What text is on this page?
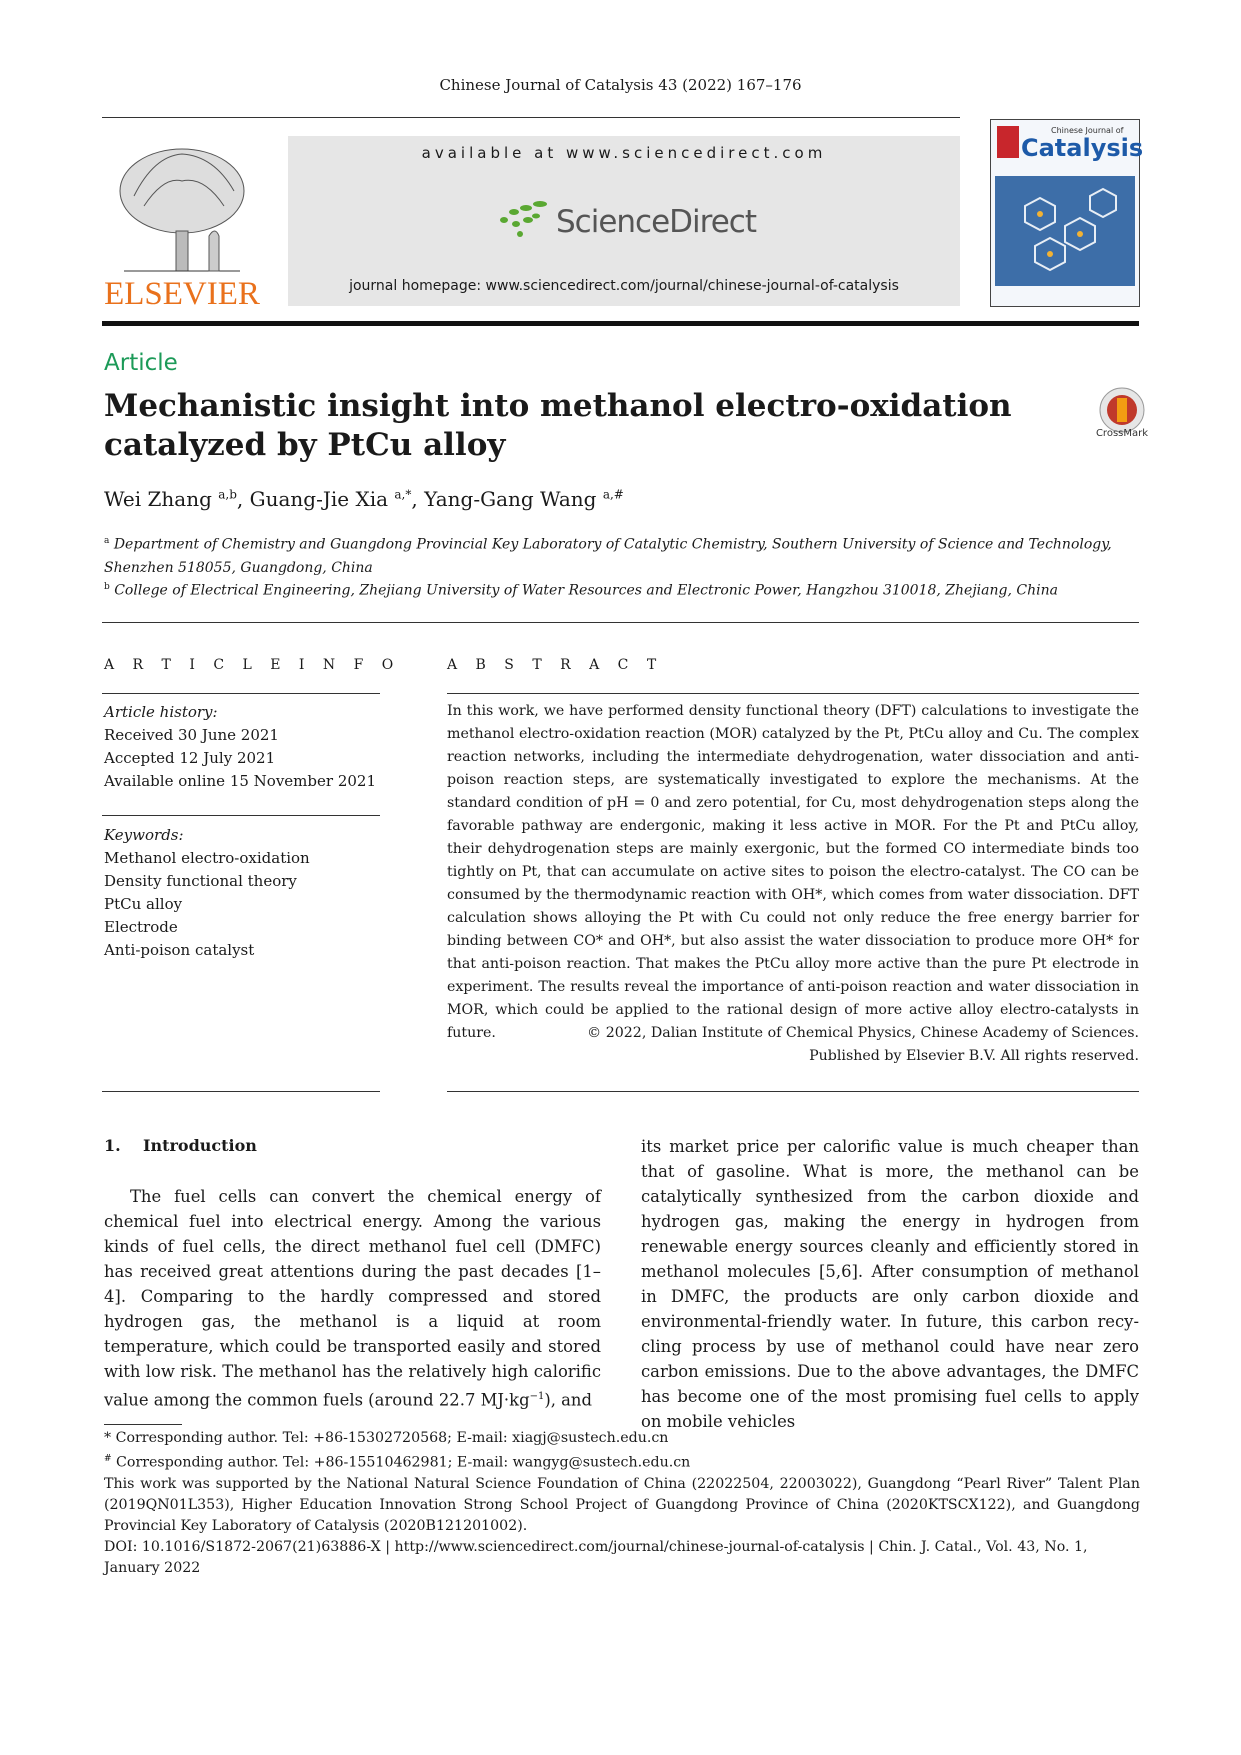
Chinese Journal of Catalysis 43 (2022) 167–176
ELSEVIER
available at www.sciencedirect.com
ScienceDirect
journal homepage: www.sciencedirect.com/journal/chinese-journal-of-catalysis
Chinese Journal of
Catalysis
Article
Mechanistic insight into methanol electro-oxidation catalyzed by PtCu alloy	CrossMark
Wei Zhang $^{a,b}$, Guang-Jie Xia $^{a,*}$, Yang-Gang Wang $^{a,\#}$
$^a$ Department of Chemistry and Guangdong Provincial Key Laboratory of Catalytic Chemistry, Southern University of Science and Technology, Shenzhen 518055, Guangdong, China
$^b$ College of Electrical Engineering, Zhejiang University of Water Resources and Electronic Power, Hangzhou 310018, Zhejiang, China
A R T I C L E I N F O
Article history:
Received 30 June 2021
Accepted 12 July 2021
Available online 15 November 2021
Keywords:
Methanol electro-oxidation
Density functional theory
PtCu alloy
Electrode
Anti-poison catalyst
A B S T R A C T
In this work, we have performed density functional theory (DFT) calculations to investigate the methanol electro-oxidation reaction (MOR) catalyzed by the Pt, PtCu alloy and Cu. The complex reaction networks, including the intermediate dehydrogenation, water dissociation and anti-poison reaction steps, are systematically investigated to explore the mechanisms. At the standard condition of pH = 0 and zero potential, for Cu, most dehydrogenation steps along the favorable pathway are endergonic, making it less active in MOR. For the Pt and PtCu alloy, their dehydrogenation steps are mainly exergonic, but the formed CO intermediate binds too tightly on Pt, that can accumulate on active sites to poison the electro-catalyst. The CO can be consumed by the thermodynamic reaction with OH*, which comes from water dissociation. DFT calculation shows alloying the Pt with Cu could not only reduce the free energy barrier for binding between CO* and OH*, but also assist the water dissociation to produce more OH* for that anti-poison reaction. That makes the PtCu alloy more active than the pure Pt electrode in experiment. The results reveal the importance of anti-poison reaction and water dissociation in MOR, which could be applied to the rational design of more active alloy electro-catalysts in future.	© 2022, Dalian Institute of Chemical Physics, Chinese Academy of Sciences.
Published by Elsevier B.V. All rights reserved.
1. Introduction
The fuel cells can convert the chemical energy of chemical fuel into electrical energy. Among the various kinds of fuel cells, the direct methanol fuel cell (DMFC) has received great attentions during the past decades [1–4]. Comparing to the hardly compressed and stored hydrogen gas, the methanol is a liquid at room temperature, which could be transported easily and stored with low risk. The methanol has the relatively high calorific value among the common fuels (around 22.7 $MJ\cdot kg^{-1}$), and
its market price per calorific value is much cheaper than that of gasoline. What is more, the methanol can be catalytically synthesized from the carbon dioxide and hydrogen gas, making the energy in hydrogen from renewable energy sources cleanly and efficiently stored in methanol molecules [5,6]. After consumption of methanol in DMFC, the products are only carbon dioxide and environmental-friendly water. In future, this carbon recycling process by use of methanol could have near zero carbon emissions. Due to the above advantages, the DMFC has become one of the most promising fuel cells to apply on mobile vehicles
* Corresponding author. Tel: +86-15302720568; E-mail: xiagj@sustech.edu.cn
# Corresponding author. Tel: +86-15510462981; E-mail: wangyg@sustech.edu.cn
This work was supported by the National Natural Science Foundation of China (22022504, 22003022), Guangdong “Pearl River” Talent Plan (2019QN01L353), Higher Education Innovation Strong School Project of Guangdong Province of China (2020KTSCX122), and Guangdong Provincial Key Laboratory of Catalysis (2020B121201002).
DOI: 10.1016/S1872-2067(21)63886-X | http://www.sciencedirect.com/journal/chinese-journal-of-catalysis | Chin. J. Catal., Vol. 43, No. 1, January 2022
